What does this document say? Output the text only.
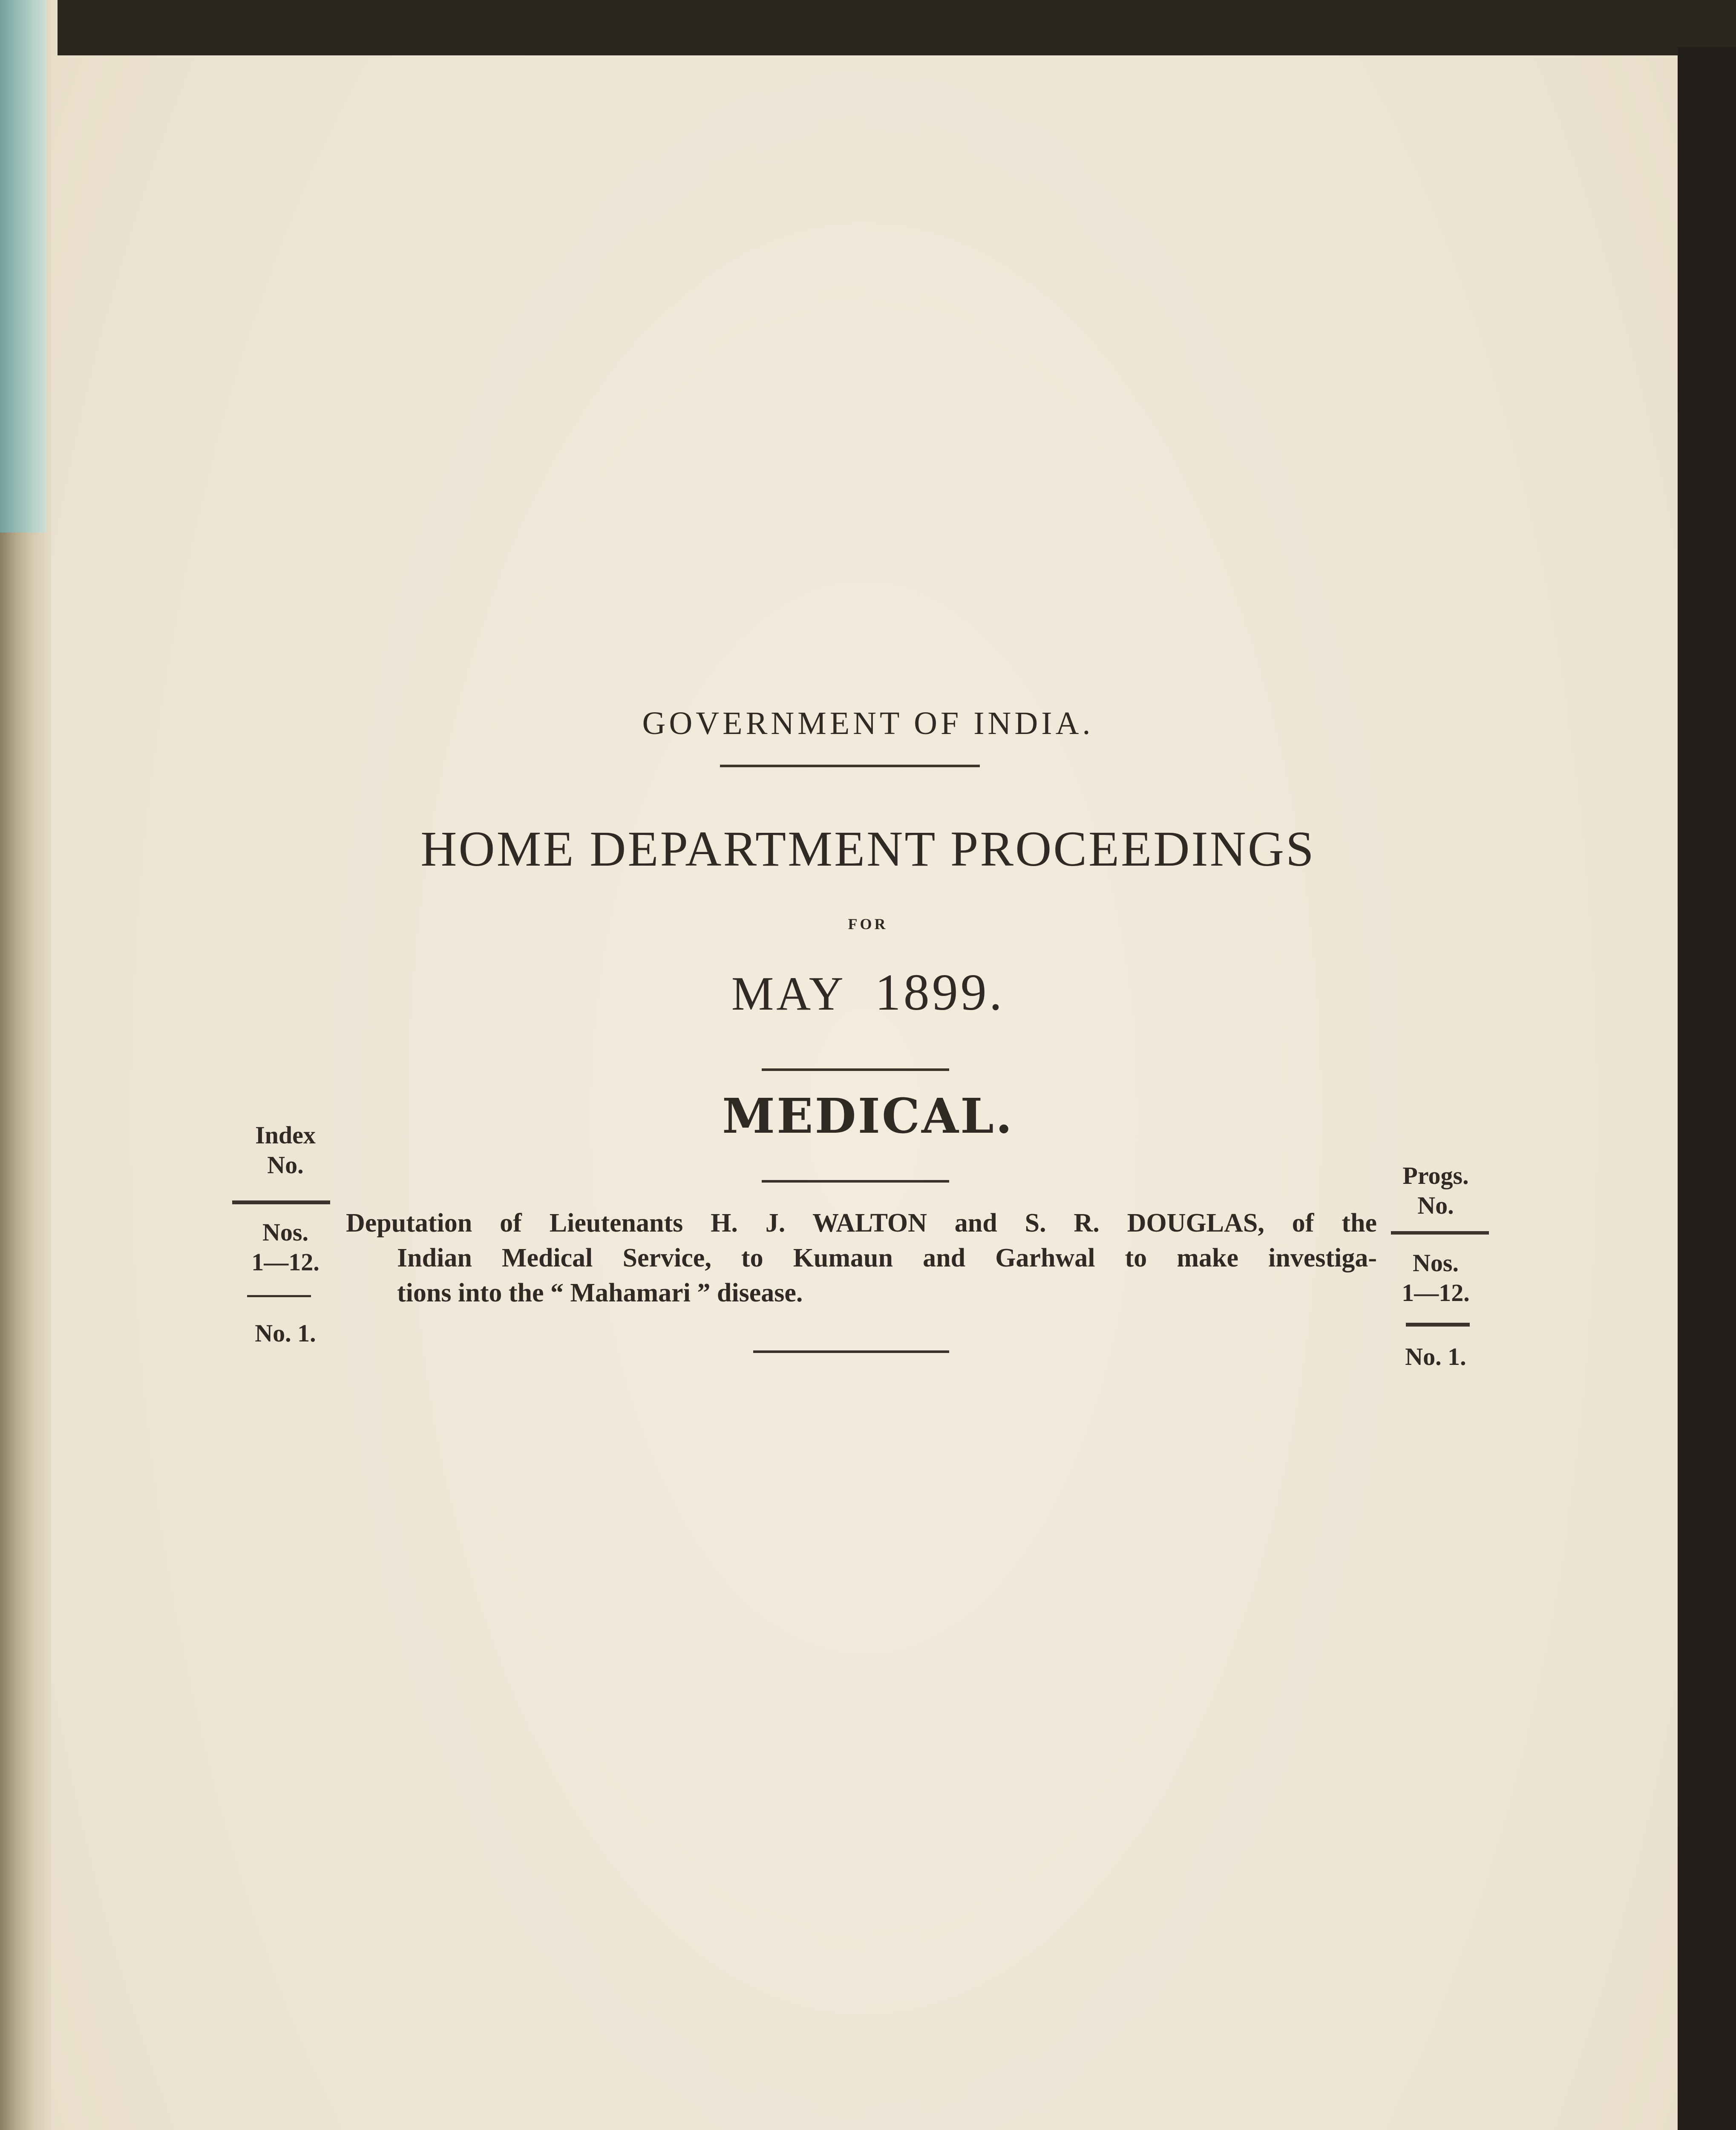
GOVERNMENT OF INDIA.
HOME DEPARTMENT PROCEEDINGS
FOR
MAY 1899.
MEDICAL.
Index
No.
Nos.
1—12.
No. 1.
Deputation of Lieutenants H. J. WALTON and S. R. DOUGLAS, of the
Indian Medical Service, to Kumaun and Garhwal to make investiga-
tions into the “ Mahamari ” disease.
Progs.
No.
Nos.
1—12.
No. 1.
